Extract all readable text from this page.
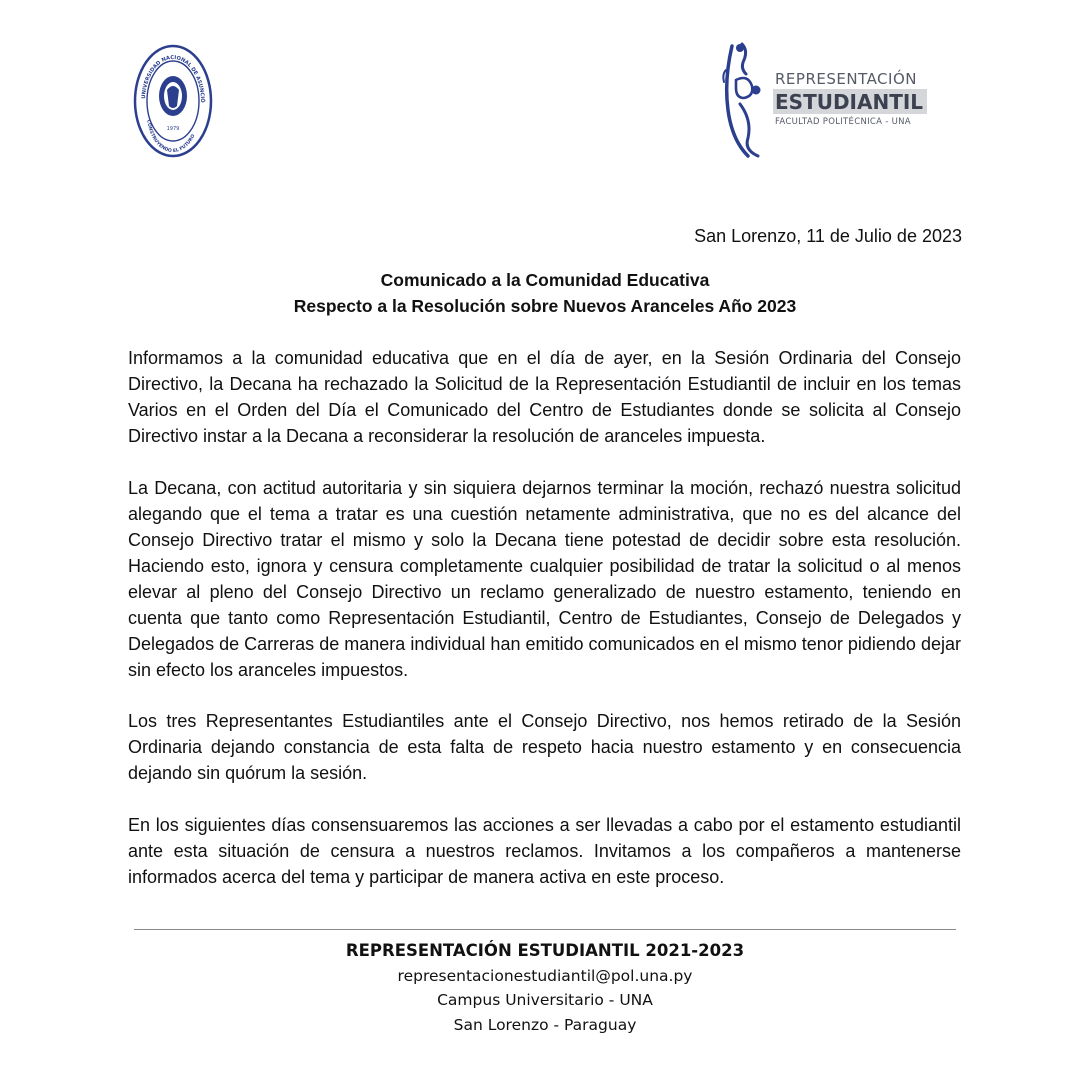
UNIVERSIDAD NACIONAL DE ASUNCIÓ
CONSTRUYENDO EL FUTURO
1979
REPRESENTACIÓN
ESTUDIANTIL
FACULTAD POLITÉCNICA - UNA
San Lorenzo, 11 de Julio de 2023
Comunicado a la Comunidad Educativa
Respecto a la Resolución sobre Nuevos Aranceles Año 2023

Informamos a la comunidad educativa que en el día de ayer, en la Sesión Ordinaria del Consejo Directivo, la Decana ha rechazado la Solicitud de la Representación Estudiantil de incluir en los temas Varios en el Orden del Día el Comunicado del Centro de Estudiantes donde se solicita al Consejo Directivo instar a la Decana a reconsiderar la resolución de aranceles impuesta.

La Decana, con actitud autoritaria y sin siquiera dejarnos terminar la moción, rechazó nuestra solicitud alegando que el tema a tratar es una cuestión netamente administrativa, que no es del alcance del Consejo Directivo tratar el mismo y solo la Decana tiene potestad de decidir sobre esta resolución. Haciendo esto, ignora y censura completamente cualquier posibilidad de tratar la solicitud o al menos elevar al pleno del Consejo Directivo un reclamo generalizado de nuestro estamento, teniendo en cuenta que tanto como Representación Estudiantil, Centro de Estudiantes, Consejo de Delegados y Delegados de Carreras de manera individual han emitido comunicados en el mismo tenor pidiendo dejar sin efecto los aranceles impuestos.

Los tres Representantes Estudiantiles ante el Consejo Directivo, nos hemos retirado de la Sesión Ordinaria dejando constancia de esta falta de respeto hacia nuestro estamento y en consecuencia dejando sin quórum la sesión.

En los siguientes días consensuaremos las acciones a ser llevadas a cabo por el estamento estudiantil ante esta situación de censura a nuestros reclamos. Invitamos a los compañeros a mantenerse informados acerca del tema y participar de manera activa en este proceso.

REPRESENTACIÓN ESTUDIANTIL 2021-2023
representacionestudiantil@pol.una.py
Campus Universitario - UNA
San Lorenzo - Paraguay
